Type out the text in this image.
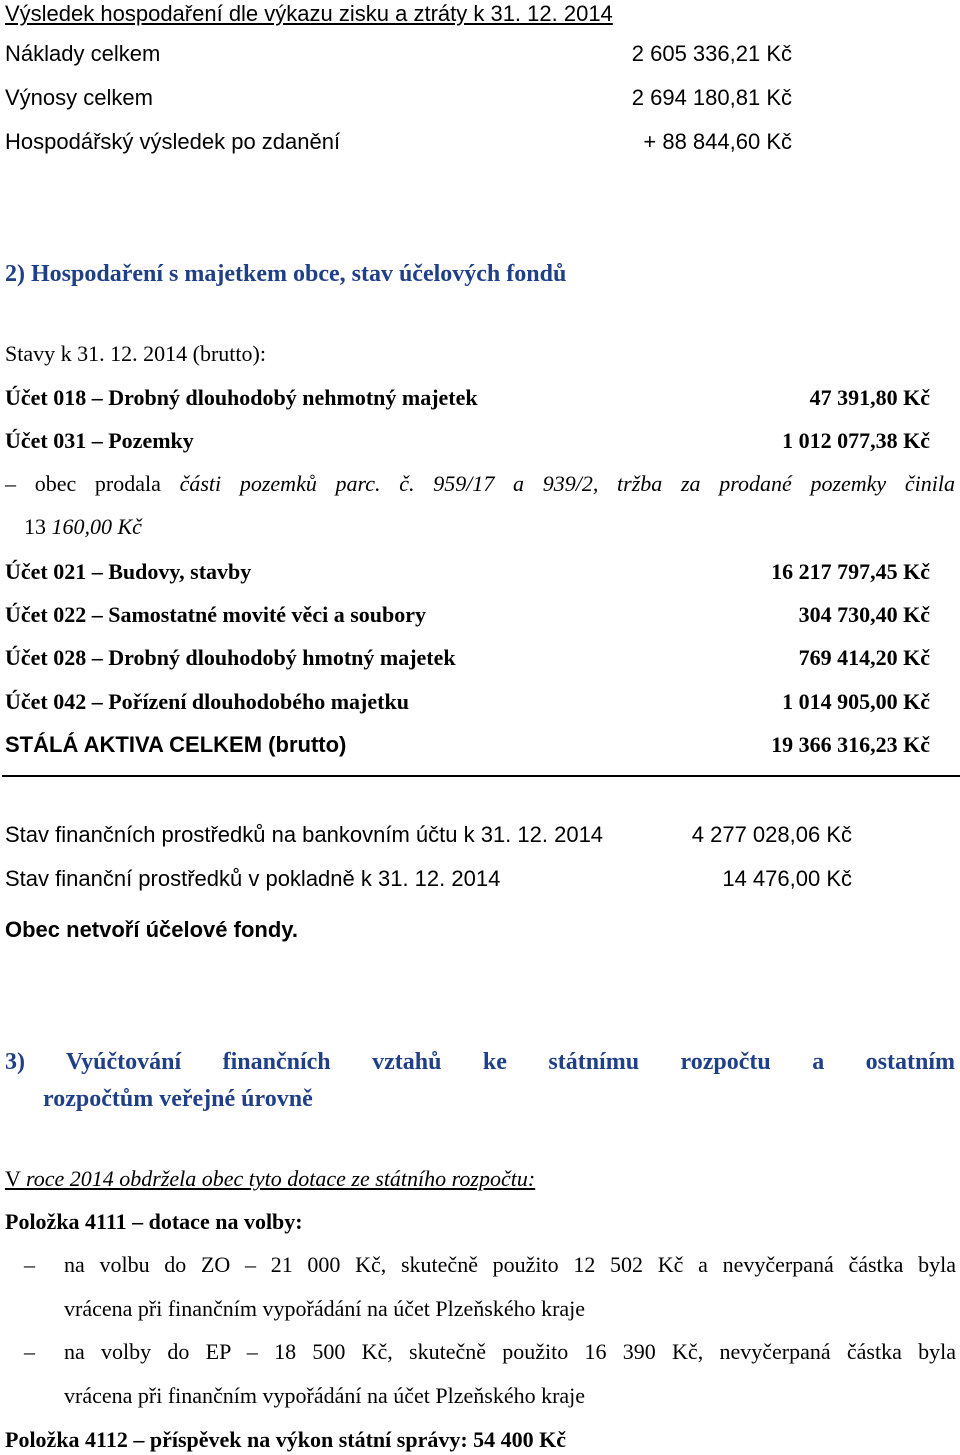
Výsledek hospodaření dle výkazu zisku a ztráty k 31. 12. 2014
Náklady celkem	2 605 336,21 Kč
Výnosy celkem	2 694 180,81 Kč
Hospodářský výsledek po zdanění	+ 88 844,60 Kč
2) Hospodaření s majetkem obce, stav účelových fondů
Stavy k 31. 12. 2014 (brutto):
Účet 018 – Drobný dlouhodobý nehmotný majetek	47 391,80 Kč
Účet 031 – Pozemky	1 012 077,38 Kč
– obec prodala části pozemků parc. č. 959/17 a 939/2, tržba za prodané pozemky činila
13 160,00 Kč
Účet 021 – Budovy, stavby	16 217 797,45 Kč
Účet 022 – Samostatné movité věci a soubory	304 730,40 Kč
Účet 028 – Drobný dlouhodobý hmotný majetek	769 414,20 Kč
Účet 042 – Pořízení dlouhodobého majetku	1 014 905,00 Kč
STÁLÁ AKTIVA CELKEM (brutto)	19 366 316,23 Kč
Stav finančních prostředků na bankovním účtu k 31. 12. 2014	4 277 028,06 Kč
Stav finanční prostředků v pokladně k 31. 12. 2014	14 476,00 Kč
Obec netvoří účelové fondy.
3) Vyúčtování finančních vztahů ke státnímu rozpočtu a ostatním
rozpočtům veřejné úrovně
V roce 2014 obdržela obec tyto dotace ze státního rozpočtu:
Položka 4111 – dotace na volby:
– na volbu do ZO – 21 000 Kč, skutečně použito 12 502 Kč a nevyčerpaná částka byla
vrácena při finančním vypořádání na účet Plzeňského kraje
– na volby do EP – 18 500 Kč, skutečně použito 16 390 Kč, nevyčerpaná částka byla
vrácena při finančním vypořádání na účet Plzeňského kraje
Položka 4112 – příspěvek na výkon státní správy: 54 400 Kč
